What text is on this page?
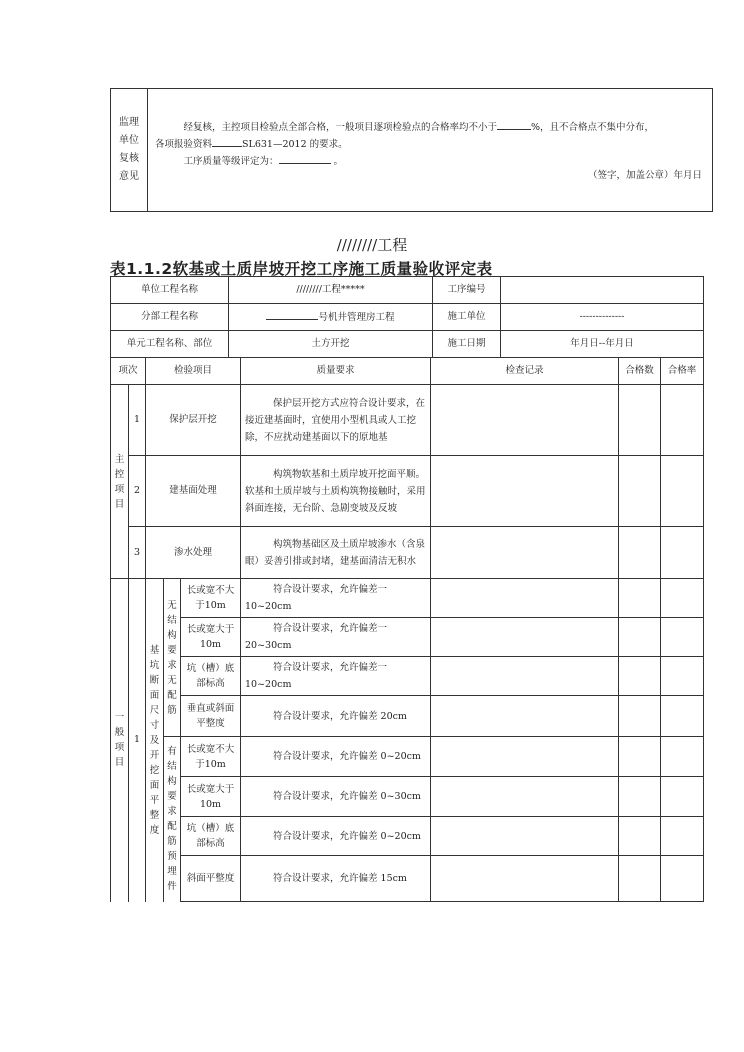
监理单位复核意见
   经复核，主控项目检验点全部合格，一般项目逐项检验点的合格率均不小于	%，且不合格点不集中分布，
各项报验资料	SL631—2012 的要求。
   工序质量等级评定为：	。
（签字，加盖公章）年月日
////////工程
表1.1.2软基或土质岸坡开挖工序施工质量验收评定表
单位工程名称	////////工程*****	工序编号	
分部工程名称	号机井管理房工程	施工单位	--------------
单元工程名称、部位	土方开挖	施工日期	年月日--年月日
项次	检验项目	质量要求	检查记录	合格数	合格率
主控项目	1	保护层开挖	保护层开挖方式应符合设计要求，在接近建基面时，宜使用小型机具或人工挖除，不应扰动建基面以下的原地基			
	2	建基面处理	构筑物软基和土质岸坡开挖面平顺。软基和土质岸坡与土质构筑物接触时，采用斜面连接，无台阶、急剧变坡及反坡			
	3	渗水处理	构筑物基础区及土质岸坡渗水（含泉眼）妥善引排或封堵，建基面清洁无积水			
一般项目	1	基坑断面尺寸及开挖面平整度	无结构要求无配筋	长或宽不大于10m	符合设计要求，允许偏差一10~20cm			
				长或宽大于10m	符合设计要求，允许偏差一20~30cm			
				坑（槽）底部标高	符合设计要求，允许偏差一10~20cm			
				垂直或斜面平整度	符合设计要求，允许偏差 20cm			
			有结构要求配筋预埋件	长或宽不大于10m	符合设计要求，允许偏差 0~20cm			
				长或宽大于10m	符合设计要求，允许偏差 0~30cm			
				坑（槽）底部标高	符合设计要求，允许偏差 0~20cm			
				斜面平整度	符合设计要求，允许偏差 15cm			
